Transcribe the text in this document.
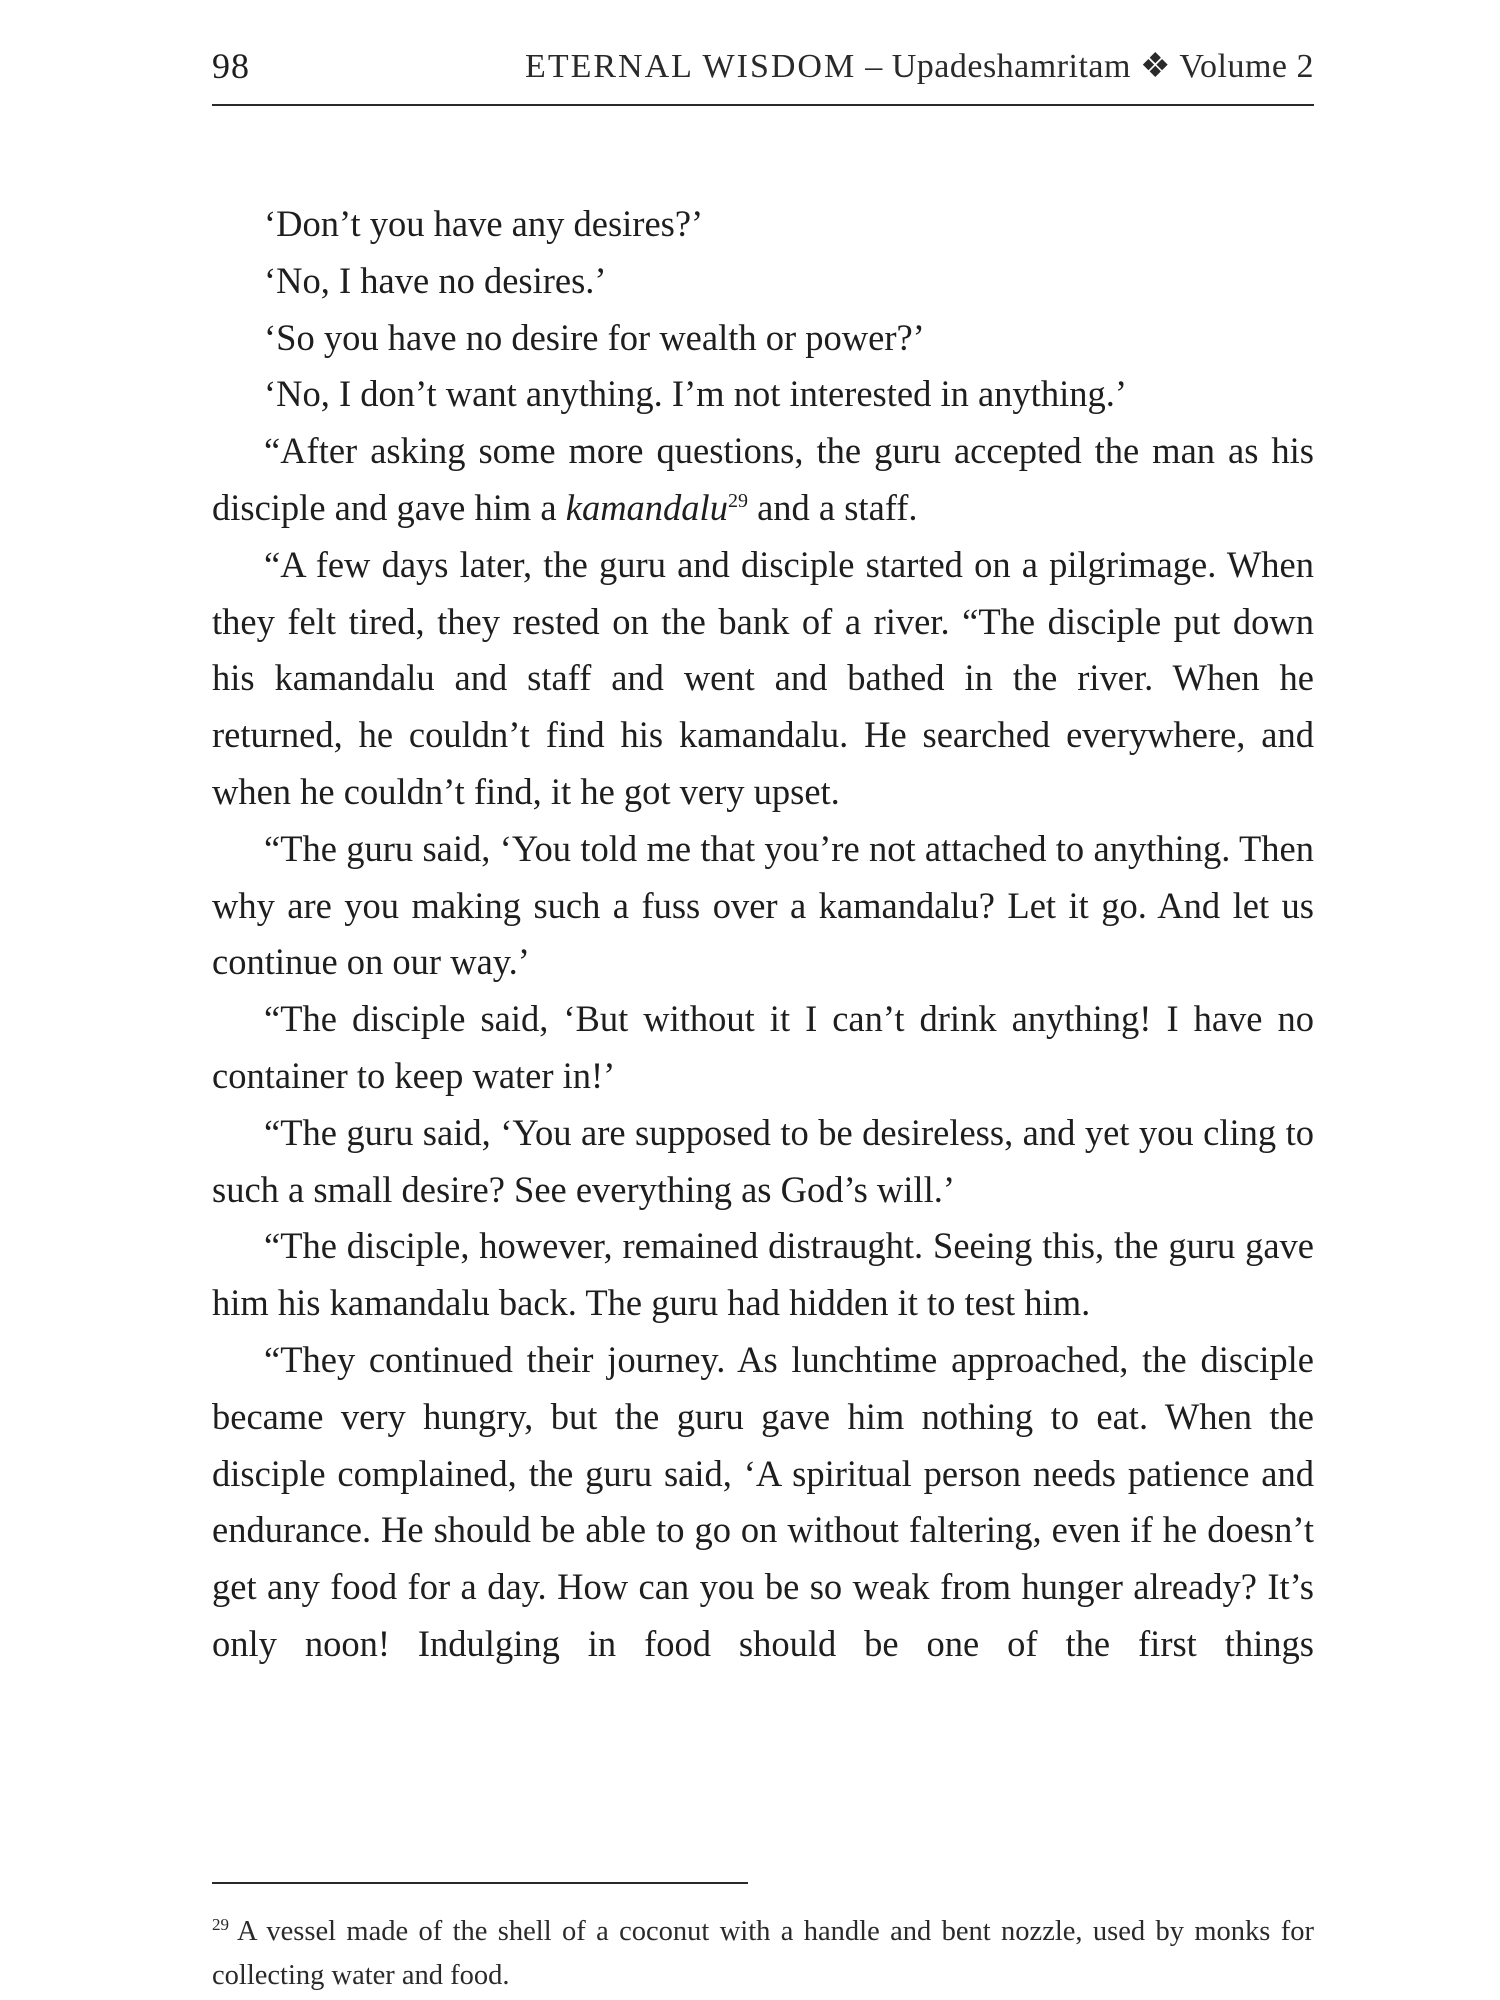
98	ETERNAL WISDOM – Upadeshamritam ❖ Volume 2

‘Don’t you have any desires?’

‘No, I have no desires.’

‘So you have no desire for wealth or power?’

‘No, I don’t want anything. I’m not interested in anything.’

“After asking some more questions, the guru accepted the man as his disciple and gave him a kamandalu$^{29}$ and a staff.

“A few days later, the guru and disciple started on a pilgrimage. When they felt tired, they rested on the bank of a river. “The disciple put down his kamandalu and staff and went and bathed in the river. When he returned, he couldn’t find his kamandalu. He searched everywhere, and when he couldn’t find, it he got very upset.

“The guru said, ‘You told me that you’re not attached to anything. Then why are you making such a fuss over a kamandalu? Let it go. And let us continue on our way.’

“The disciple said, ‘But without it I can’t drink anything! I have no container to keep water in!’

“The guru said, ‘You are supposed to be desireless, and yet you cling to such a small desire? See everything as God’s will.’

“The disciple, however, remained distraught. Seeing this, the guru gave him his kamandalu back. The guru had hidden it to test him.

“They continued their journey. As lunchtime approached, the disciple became very hungry, but the guru gave him nothing to eat. When the disciple complained, the guru said, ‘A spiritual person needs patience and endurance. He should be able to go on without faltering, even if he doesn’t get any food for a day. How can you be so weak from hunger already? It’s only noon! Indulging in food should be one of the first things

$^{29}$ A vessel made of the shell of a coconut with a handle and bent nozzle, used by monks for collecting water and food.
